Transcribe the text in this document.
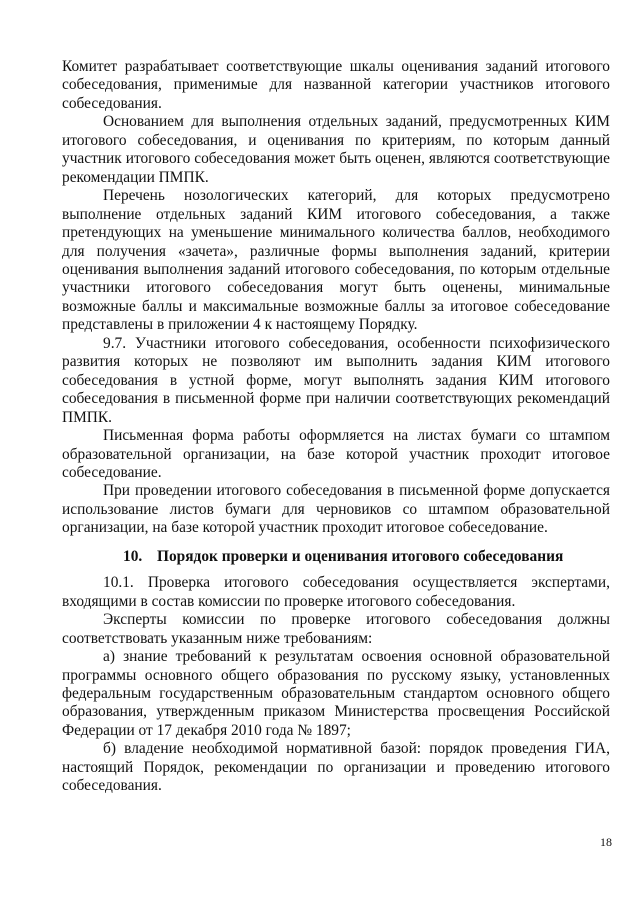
Комитет разрабатывает соответствующие шкалы оценивания заданий итогового собеседования, применимые для названной категории участников итогового собеседования.

Основанием для выполнения отдельных заданий, предусмотренных КИМ итогового собеседования, и оценивания по критериям, по которым данный участник итогового собеседования может быть оценен, являются соответствующие рекомендации ПМПК.

Перечень нозологических категорий, для которых предусмотрено выполнение отдельных заданий КИМ итогового собеседования, а также претендующих на уменьшение минимального количества баллов, необходимого для получения «зачета», различные формы выполнения заданий, критерии оценивания выполнения заданий итогового собеседования, по которым отдельные участники итогового собеседования могут быть оценены, минимальные возможные баллы и максимальные возможные баллы за итоговое собеседование представлены в приложении 4 к настоящему Порядку.

9.7. Участники итогового собеседования, особенности психофизического развития которых не позволяют им выполнить задания КИМ итогового собеседования в устной форме, могут выполнять задания КИМ итогового собеседования в письменной форме при наличии соответствующих рекомендаций ПМПК.

Письменная форма работы оформляется на листах бумаги со штампом образовательной организации, на базе которой участник проходит итоговое собеседование.

При проведении итогового собеседования в письменной форме допускается использование листов бумаги для черновиков со штампом образовательной организации, на базе которой участник проходит итоговое собеседование.

10. Порядок проверки и оценивания итогового собеседования

10.1. Проверка итогового собеседования осуществляется экспертами, входящими в состав комиссии по проверке итогового собеседования.

Эксперты комиссии по проверке итогового собеседования должны соответствовать указанным ниже требованиям:

а) знание требований к результатам освоения основной образовательной программы основного общего образования по русскому языку, установленных федеральным государственным образовательным стандартом основного общего образования, утвержденным приказом Министерства просвещения Российской Федерации от 17 декабря 2010 года № 1897;

б) владение необходимой нормативной базой: порядок проведения ГИА, настоящий Порядок, рекомендации по организации и проведению итогового собеседования.

18
